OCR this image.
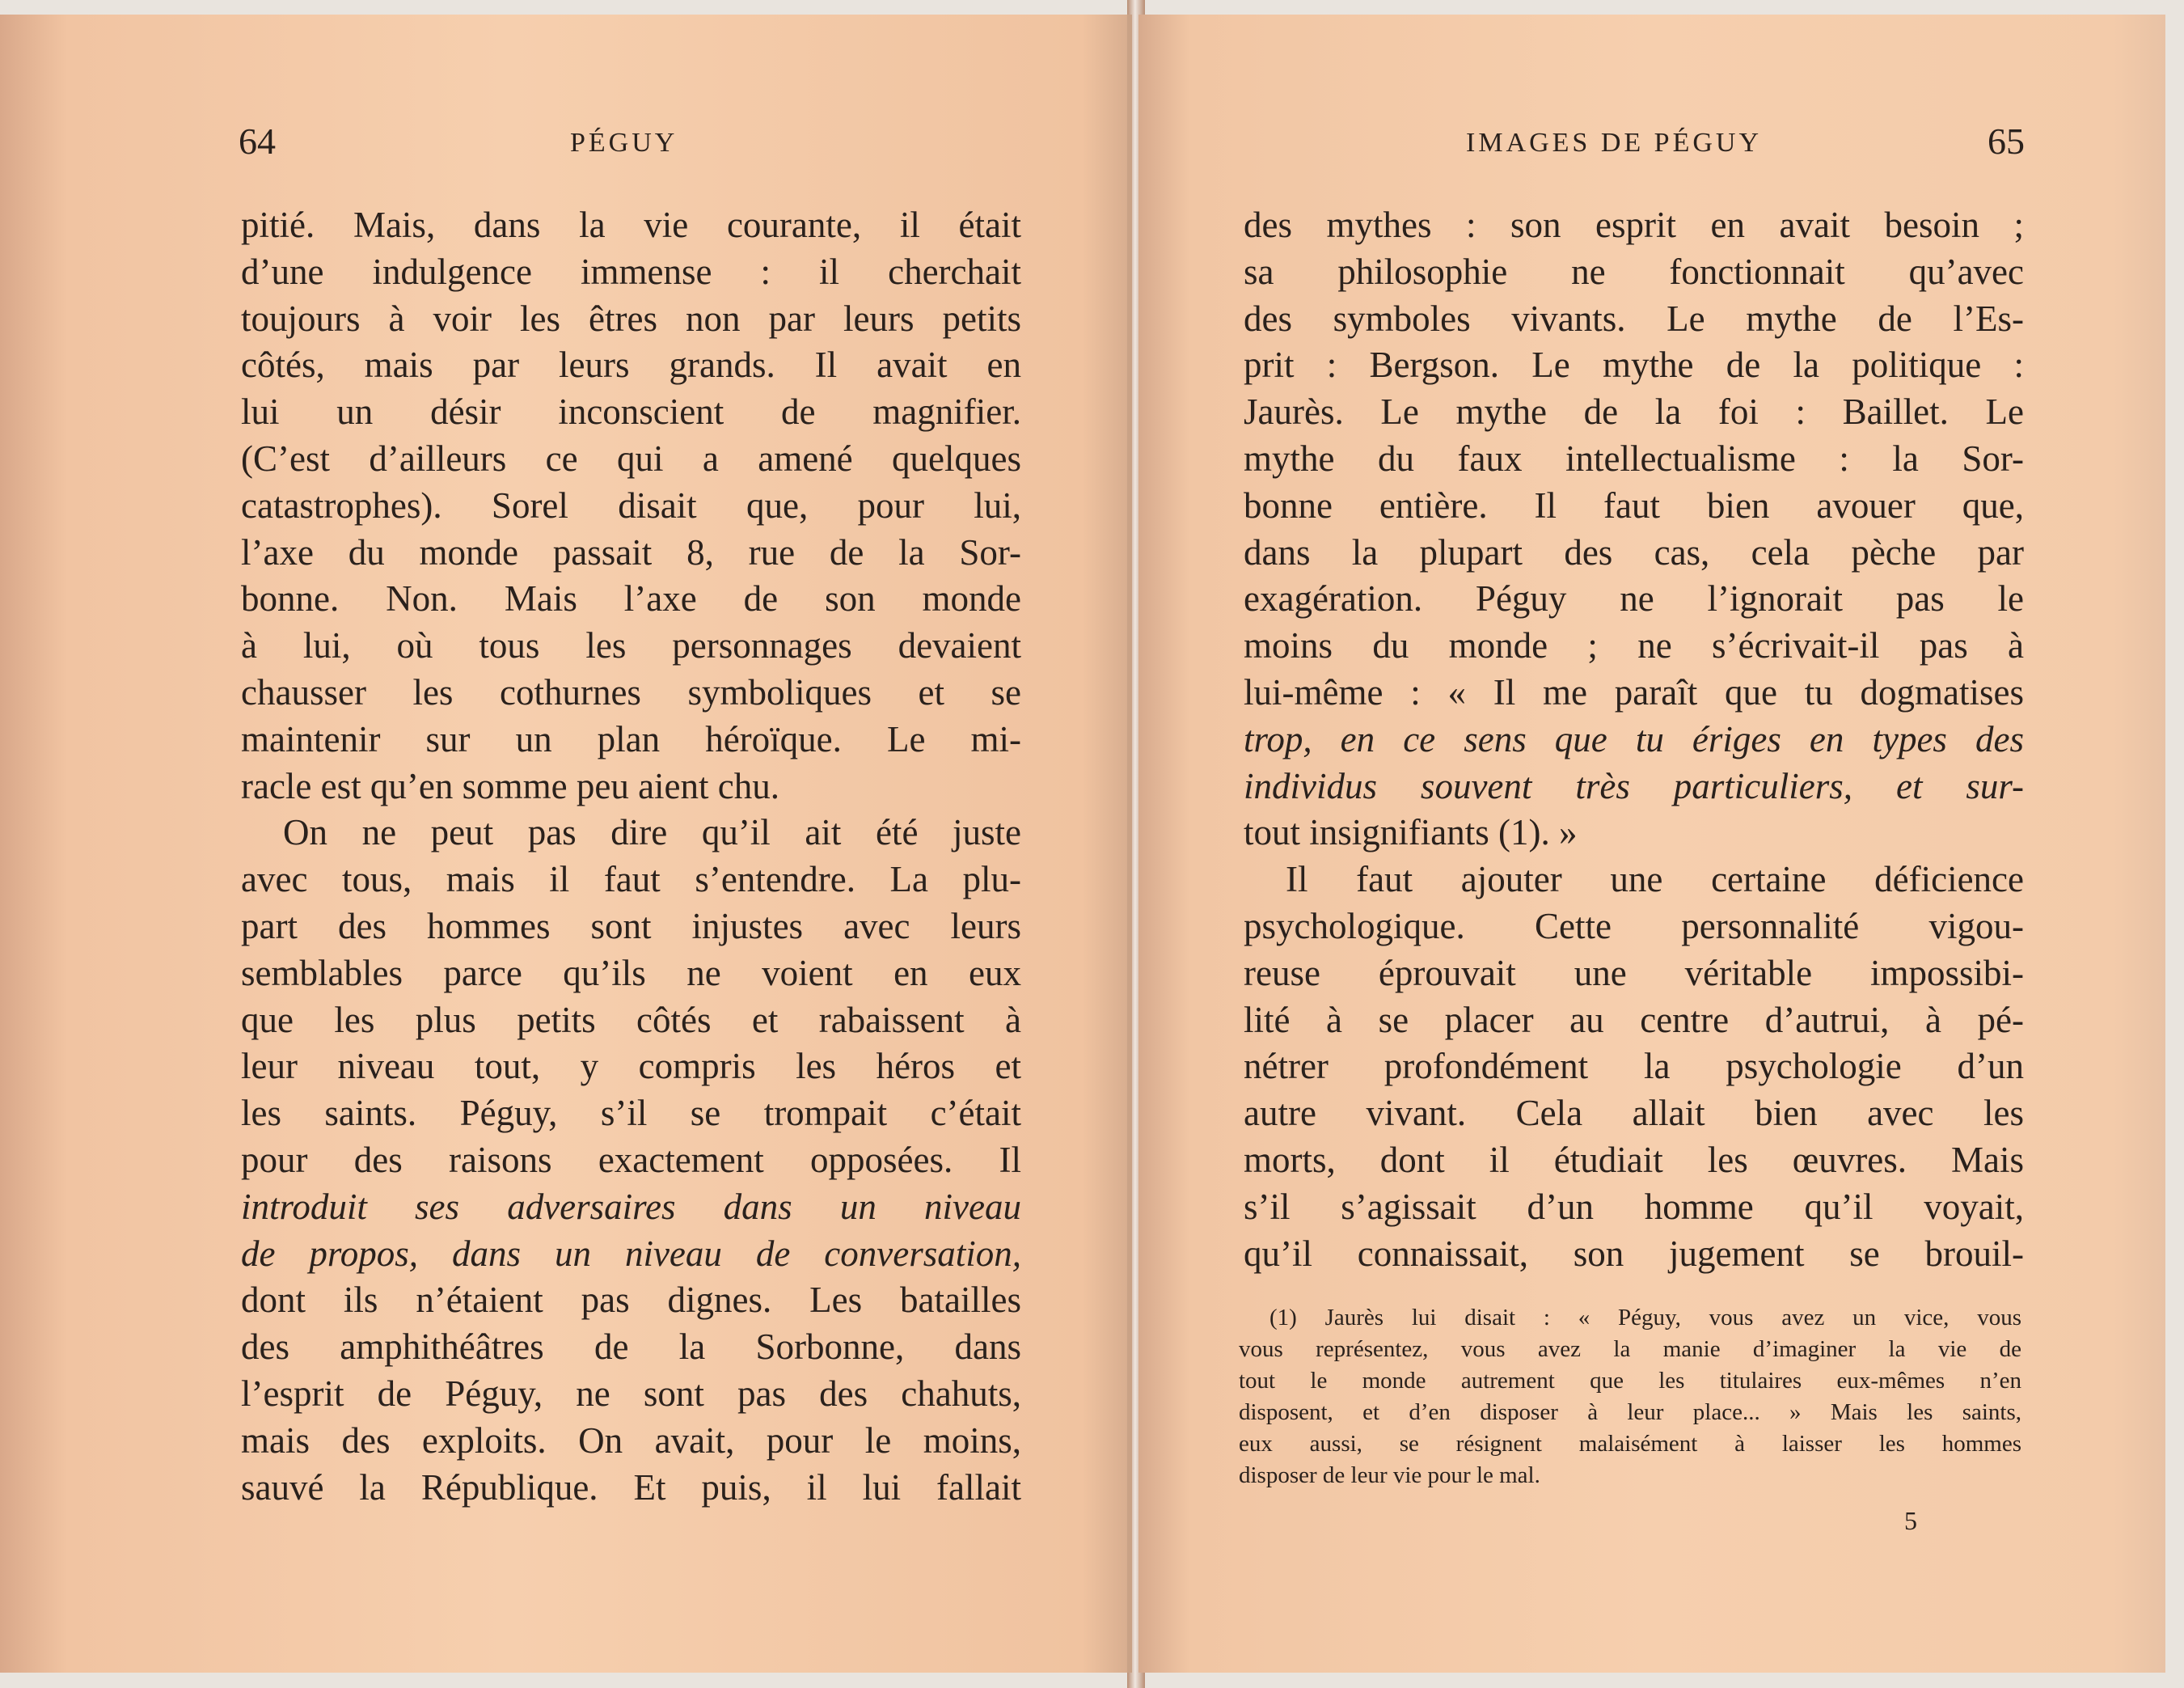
64	PÉGUY
pitié. Mais, dans la vie courante, il était
d’une indulgence immense : il cherchait
toujours à voir les êtres non par leurs petits
côtés, mais par leurs grands. Il avait en
lui un désir inconscient de magnifier.
(C’est d’ailleurs ce qui a amené quelques
catastrophes). Sorel disait que, pour lui,
l’axe du monde passait 8, rue de la Sor-
bonne. Non. Mais l’axe de son monde
à lui, où tous les personnages devaient
chausser les cothurnes symboliques et se
maintenir sur un plan héroïque. Le mi-
racle est qu’en somme peu aient chu.
On ne peut pas dire qu’il ait été juste
avec tous, mais il faut s’entendre. La plu-
part des hommes sont injustes avec leurs
semblables parce qu’ils ne voient en eux
que les plus petits côtés et rabaissent à
leur niveau tout, y compris les héros et
les saints. Péguy, s’il se trompait c’était
pour des raisons exactement opposées. Il
introduit ses adversaires dans un niveau
de propos, dans un niveau de conversation,
dont ils n’étaient pas dignes. Les batailles
des amphithéâtres de la Sorbonne, dans
l’esprit de Péguy, ne sont pas des chahuts,
mais des exploits. On avait, pour le moins,
sauvé la République. Et puis, il lui fallait
IMAGES DE PÉGUY	65
des mythes : son esprit en avait besoin ;
sa philosophie ne fonctionnait qu’avec
des symboles vivants. Le mythe de l’Es-
prit : Bergson. Le mythe de la politique :
Jaurès. Le mythe de la foi : Baillet. Le
mythe du faux intellectualisme : la Sor-
bonne entière. Il faut bien avouer que,
dans la plupart des cas, cela pèche par
exagération. Péguy ne l’ignorait pas le
moins du monde ; ne s’écrivait-il pas à
lui-même : « Il me paraît que tu dogmatises
trop, en ce sens que tu ériges en types des
individus souvent très particuliers, et sur-
tout insignifiants (1). »
Il faut ajouter une certaine déficience
psychologique. Cette personnalité vigou-
reuse éprouvait une véritable impossibi-
lité à se placer au centre d’autrui, à pé-
nétrer profondément la psychologie d’un
autre vivant. Cela allait bien avec les
morts, dont il étudiait les œuvres. Mais
s’il s’agissait d’un homme qu’il voyait,
qu’il connaissait, son jugement se brouil-
(1) Jaurès lui disait : « Péguy, vous avez un vice, vous
vous représentez, vous avez la manie d’imaginer la vie de
tout le monde autrement que les titulaires eux-mêmes n’en
disposent, et d’en disposer à leur place... » Mais les saints,
eux aussi, se résignent malaisément à laisser les hommes
disposer de leur vie pour le mal.
5
